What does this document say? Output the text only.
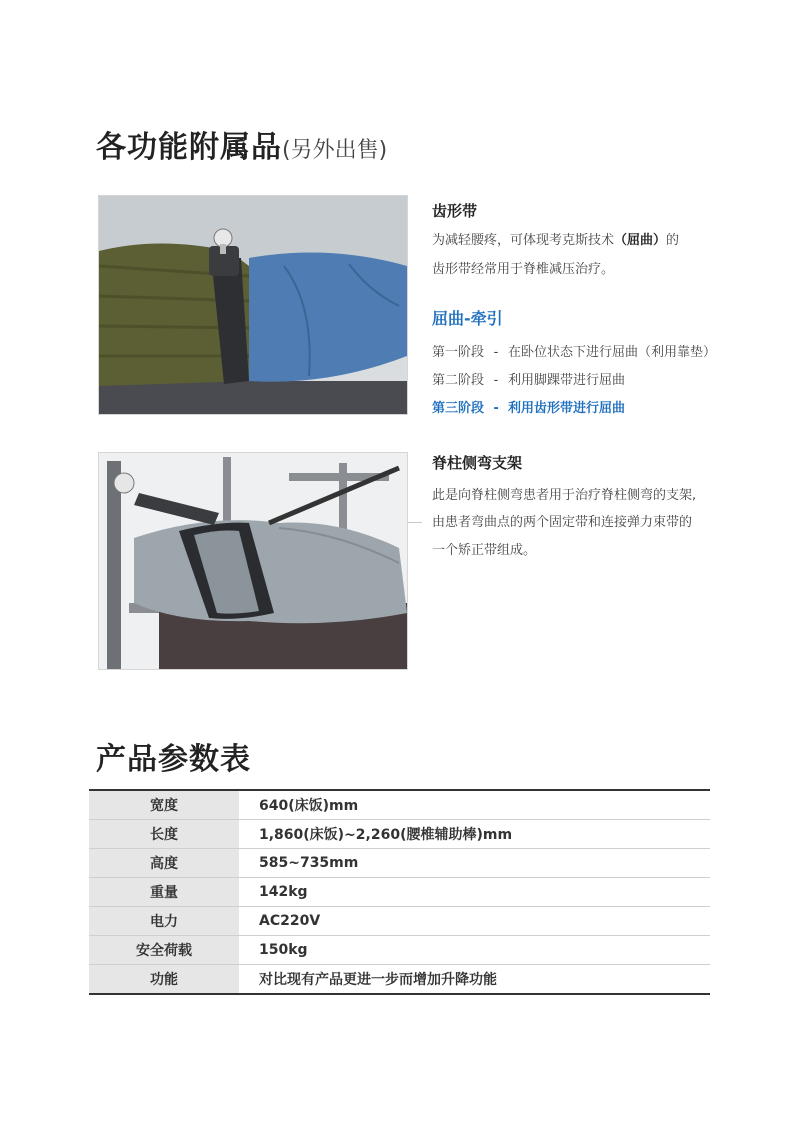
各功能附属品(另外出售)
齿形带
为减轻腰疼，可体现考克斯技术（屈曲）的
齿形带经常用于脊椎减压治疗。
屈曲-牵引
第一阶段 - 在卧位状态下进行屈曲（利用靠垫）
第二阶段 - 利用脚踝带进行屈曲
第三阶段 - 利用齿形带进行屈曲
脊柱侧弯支架
此是向脊柱侧弯患者用于治疗脊柱侧弯的支架,
由患者弯曲点的两个固定带和连接弹力束带的
一个矫正带组成。
产品参数表
宽度	640(床饭)mm
长度	1,860(床饭)~2,260(腰椎辅助棒)mm
高度	585~735mm
重量	142kg
电力	AC220V
安全荷载	150kg
功能	对比现有产品更进一步而增加升降功能
